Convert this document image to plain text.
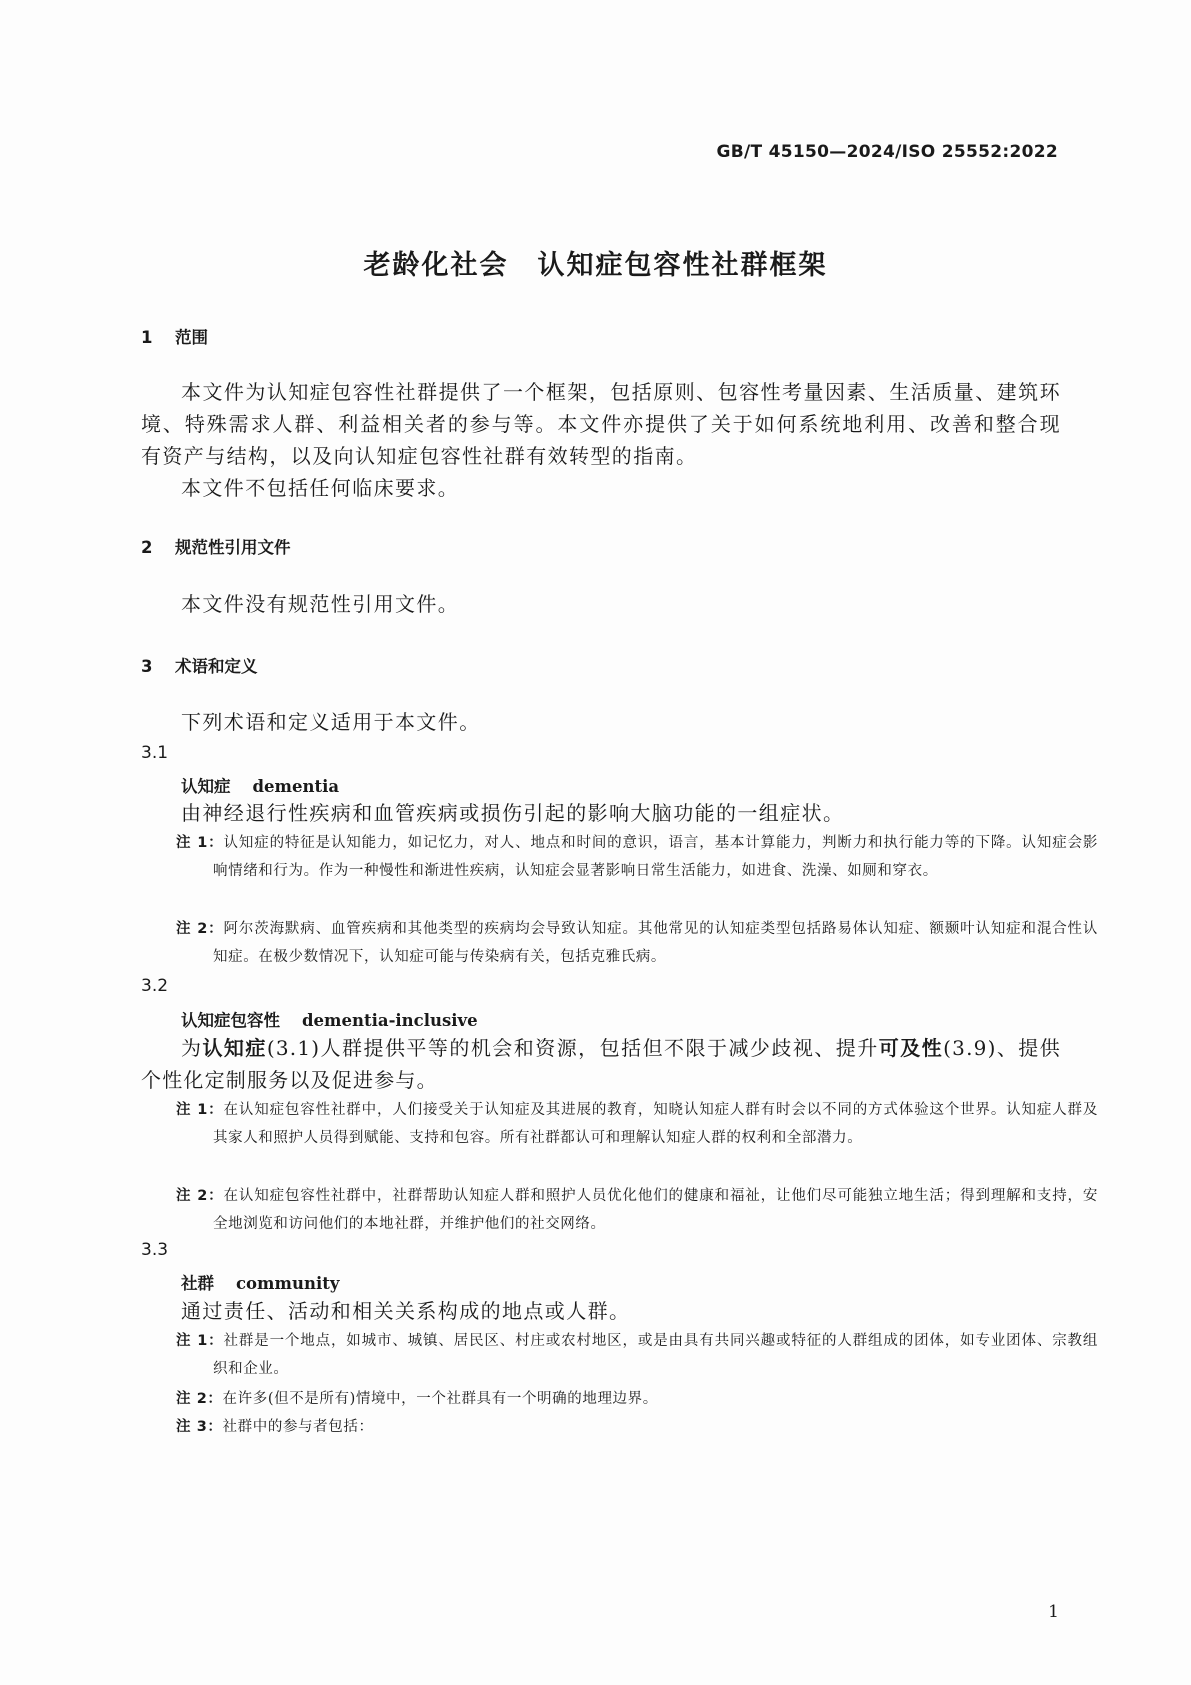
GB/T 45150—2024/ISO 25552:2022
老龄化社会　认知症包容性社群框架
1 范围
本文件为认知症包容性社群提供了一个框架，包括原则、包容性考量因素、生活质量、建筑环境、特殊需求人群、利益相关者的参与等。本文件亦提供了关于如何系统地利用、改善和整合现有资产与结构，以及向认知症包容性社群有效转型的指南。
本文件不包括任何临床要求。
2 规范性引用文件
本文件没有规范性引用文件。
3 术语和定义
下列术语和定义适用于本文件。
3.1
认知症 dementia
由神经退行性疾病和血管疾病或损伤引起的影响大脑功能的一组症状。
注 1：认知症的特征是认知能力，如记忆力，对人、地点和时间的意识，语言，基本计算能力，判断力和执行能力等的下降。认知症会影响情绪和行为。作为一种慢性和渐进性疾病，认知症会显著影响日常生活能力，如进食、洗澡、如厕和穿衣。
注 2：阿尔茨海默病、血管疾病和其他类型的疾病均会导致认知症。其他常见的认知症类型包括路易体认知症、额颞叶认知症和混合性认知症。在极少数情况下，认知症可能与传染病有关，包括克雅氏病。
3.2
认知症包容性 dementia-inclusive
为认知症(3.1)人群提供平等的机会和资源，包括但不限于减少歧视、提升可及性(3.9)、提供个性化定制服务以及促进参与。
注 1：在认知症包容性社群中，人们接受关于认知症及其进展的教育，知晓认知症人群有时会以不同的方式体验这个世界。认知症人群及其家人和照护人员得到赋能、支持和包容。所有社群都认可和理解认知症人群的权利和全部潜力。
注 2：在认知症包容性社群中，社群帮助认知症人群和照护人员优化他们的健康和福祉，让他们尽可能独立地生活；得到理解和支持，安全地浏览和访问他们的本地社群，并维护他们的社交网络。
3.3
社群 community
通过责任、活动和相关关系构成的地点或人群。
注 1：社群是一个地点，如城市、城镇、居民区、村庄或农村地区，或是由具有共同兴趣或特征的人群组成的团体，如专业团体、宗教组织和企业。
注 2：在许多(但不是所有)情境中，一个社群具有一个明确的地理边界。
注 3：社群中的参与者包括：
1
